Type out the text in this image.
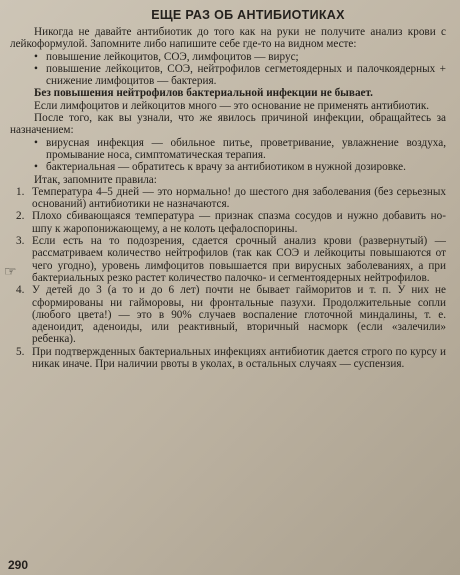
ЕЩЕ РАЗ ОБ АНТИБИОТИКАХ

Никогда не давайте антибиотик до того как на руки не получите анализ крови с лейкоформулой. Запомните либо напишите себе где-то на видном месте:

• повышение лейкоцитов, СОЭ, лимфоцитов — вирус;
• повышение лейкоцитов, СОЭ, нейтрофилов сегметоядерных и палочкоядерных + снижение лимфоцитов — бактерия.

Без повышения нейтрофилов бактериальной инфекции не бывает.

Если лимфоцитов и лейкоцитов много — это основание не применять антибиотик.

После того, как вы узнали, что же явилось причиной инфекции, обращайтесь за назначением:

• вирусная инфекция — обильное питье, проветривание, увлажнение воздуха, промывание носа, симптоматическая терапия.
• бактериальная — обратитесь к врачу за антибиотиком в нужной дозировке.

Итак, запомните правила:

1. Температура 4–5 дней — это нормально! до шестого дня заболевания (без серьезных оснований) антибиотики не назначаются.
2. Плохо сбивающаяся температура — признак спазма сосудов и нужно добавить но-шпу к жаропонижающему, а не колоть цефалоспорины.
3. Если есть на то подозрения, сдается срочный анализ крови (развернутый) — рассматриваем количество нейтрофилов (так как СОЭ и лейкоциты повышаются от чего угодно), уровень лимфоцитов повышается при вирусных заболеваниях, а при бактериальных резко растет количество палочко- и сегментоядерных нейтрофилов.
4. У детей до 3 (а то и до 6 лет) почти не бывает гайморитов и т. п. У них не сформированы ни гайморовы, ни фронтальные пазухи. Продолжительные сопли (любого цвета!) — это в 90% случаев воспаление глоточной миндалины, т. е. аденоидит, аденоиды, или реактивный, вторичный насморк (если «залечили» ребенка).
5. При подтвержденных бактериальных инфекциях антибиотик дается строго по курсу и никак иначе. При наличии рвоты в уколах, в остальных случаях — суспензия.
☞
290
